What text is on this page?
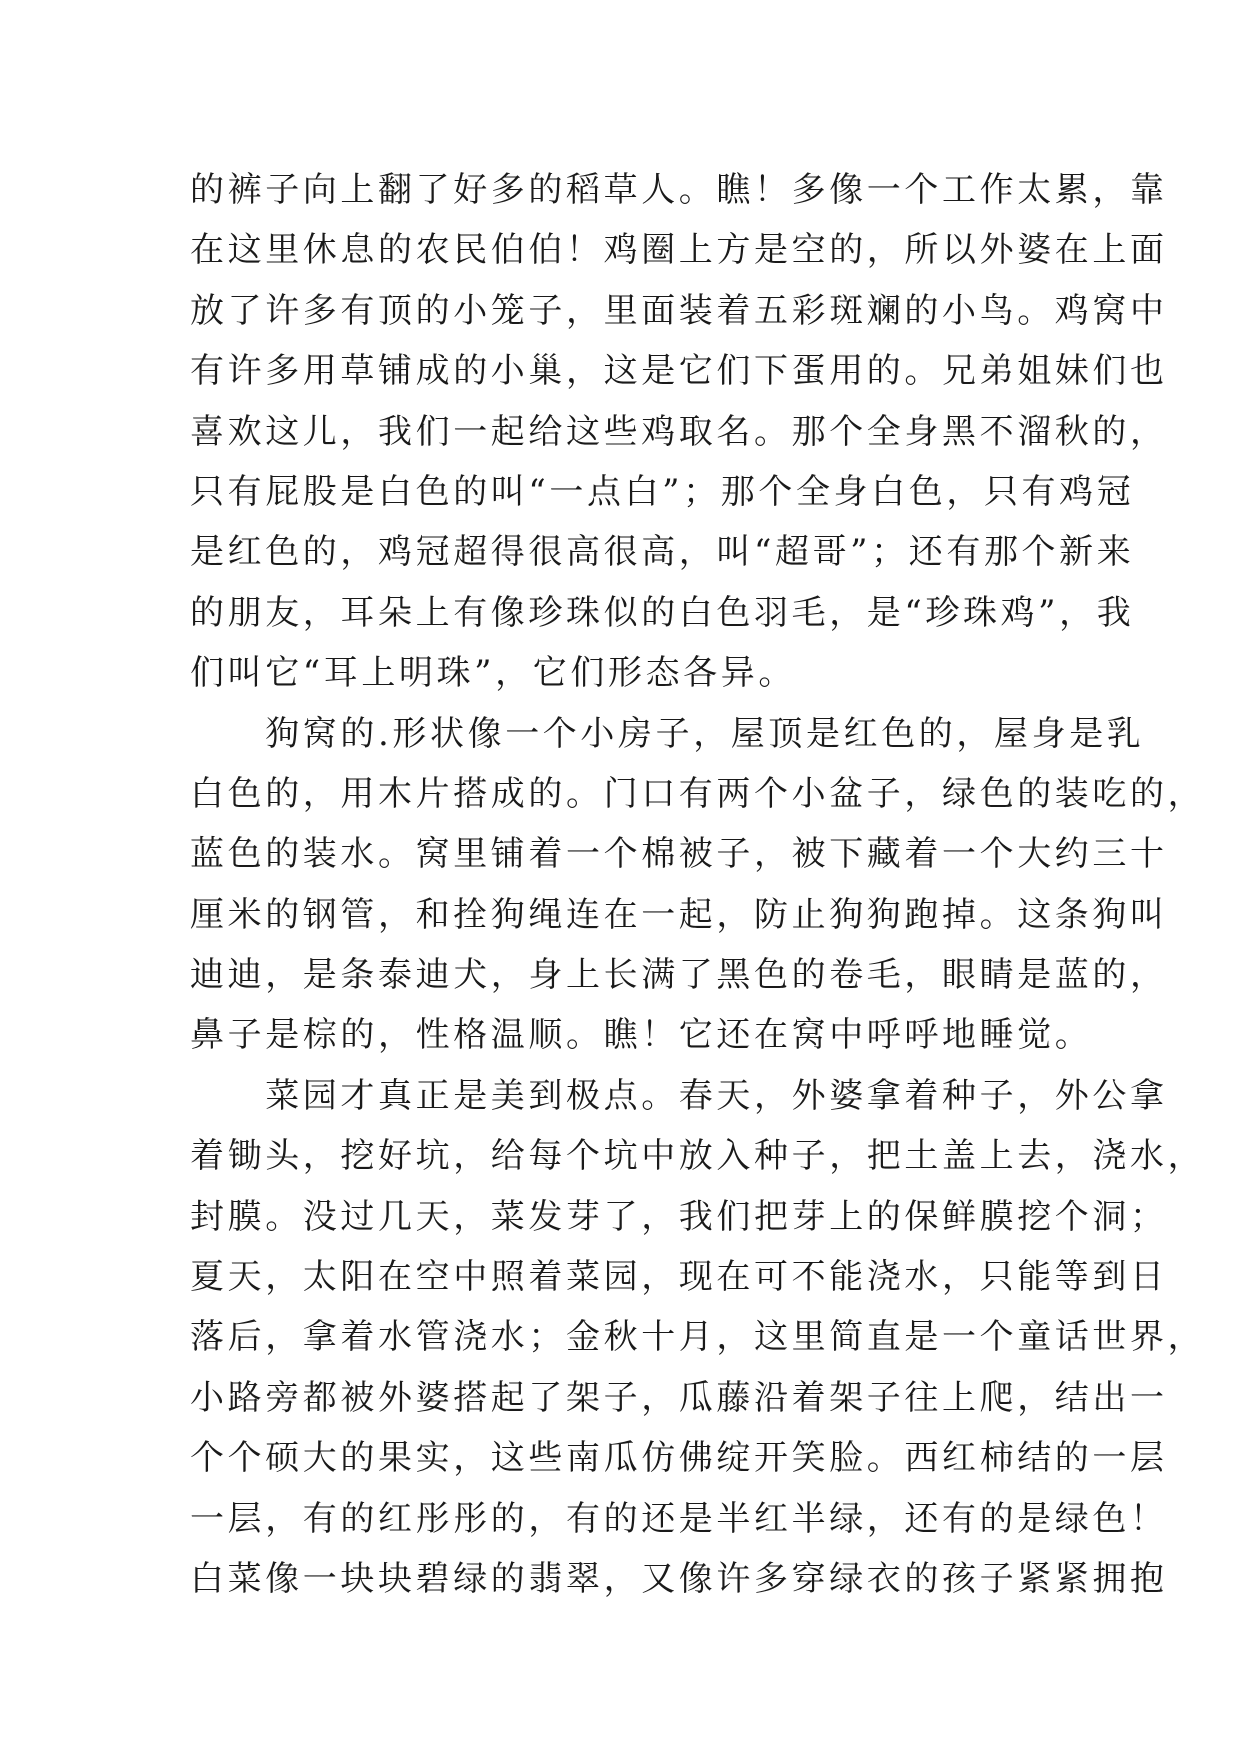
的裤子向上翻了好多的稻草人。瞧！多像一个工作太累，靠
在这里休息的农民伯伯！鸡圈上方是空的，所以外婆在上面
放了许多有顶的小笼子，里面装着五彩斑斓的小鸟。鸡窝中
有许多用草铺成的小巢，这是它们下蛋用的。兄弟姐妹们也
喜欢这儿，我们一起给这些鸡取名。那个全身黑不溜秋的，
只有屁股是白色的叫“一点白”；那个全身白色，只有鸡冠
是红色的，鸡冠超得很高很高，叫“超哥”；还有那个新来
的朋友，耳朵上有像珍珠似的白色羽毛，是“珍珠鸡”，我
们叫它“耳上明珠”，它们形态各异。

　　狗窝的.形状像一个小房子，屋顶是红色的，屋身是乳
白色的，用木片搭成的。门口有两个小盆子，绿色的装吃的，
蓝色的装水。窝里铺着一个棉被子，被下藏着一个大约三十
厘米的钢管，和拴狗绳连在一起，防止狗狗跑掉。这条狗叫
迪迪，是条泰迪犬，身上长满了黑色的卷毛，眼睛是蓝的，
鼻子是棕的，性格温顺。瞧！它还在窝中呼呼地睡觉。

　　菜园才真正是美到极点。春天，外婆拿着种子，外公拿
着锄头，挖好坑，给每个坑中放入种子，把土盖上去，浇水，
封膜。没过几天，菜发芽了，我们把芽上的保鲜膜挖个洞；
夏天，太阳在空中照着菜园，现在可不能浇水，只能等到日
落后，拿着水管浇水；金秋十月，这里简直是一个童话世界，
小路旁都被外婆搭起了架子，瓜藤沿着架子往上爬，结出一
个个硕大的果实，这些南瓜仿佛绽开笑脸。西红柿结的一层
一层，有的红彤彤的，有的还是半红半绿，还有的是绿色！
白菜像一块块碧绿的翡翠，又像许多穿绿衣的孩子紧紧拥抱
